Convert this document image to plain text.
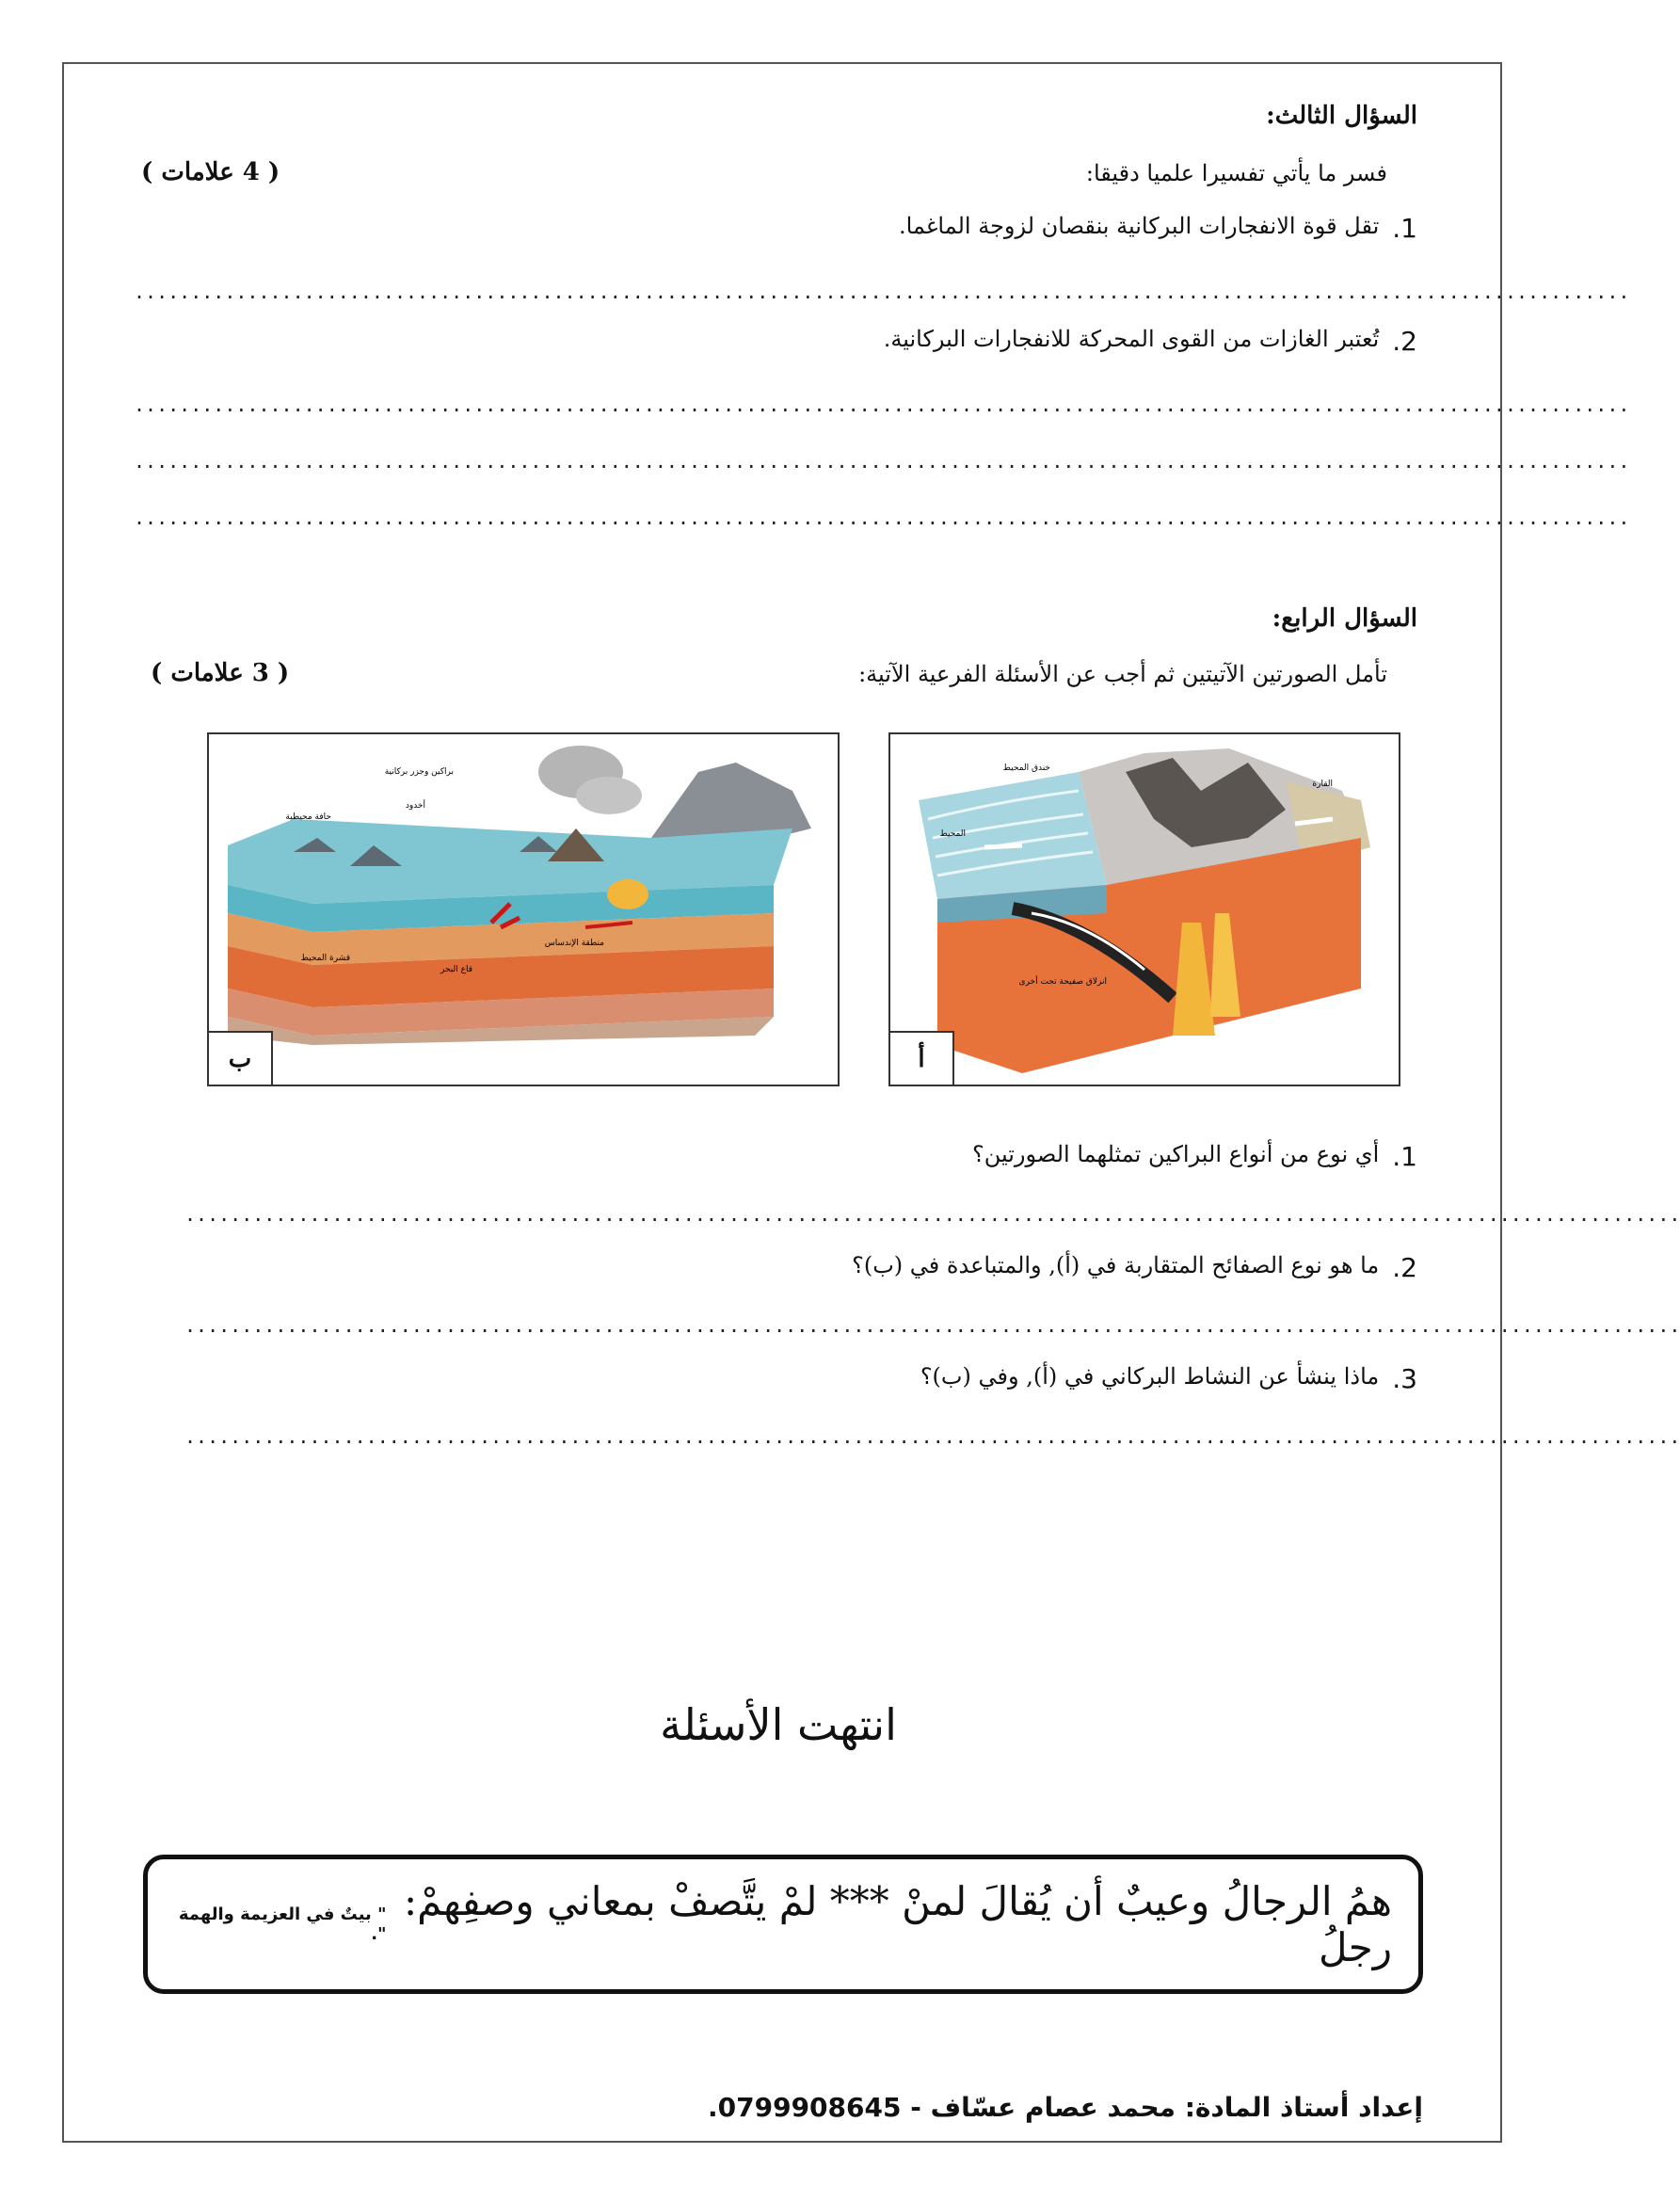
السؤال الثالث:
فسر ما يأتي تفسيرا علميا دقيقا:
( 4 علامات )
1.
تقل قوة الانفجارات البركانية بنقصان لزوجة الماغما.
....................................................................................................................................
2.
تُعتبر الغازات من القوى المحركة للانفجارات البركانية.
....................................................................................................................................
....................................................................................................................................
....................................................................................................................................
السؤال الرابع:
تأمل الصورتين الآتيتين ثم أجب عن الأسئلة الفرعية الآتية:
( 3 علامات )
براكين وجزر بركانية
أخدود
حافة محيطية
قشرة المحيط
قاع البحر
منطقة الإندساس
ب
خندق المحيط
القارة
المحيط
انزلاق صفيحة تحت أخرى
أ
1.
أي نوع من أنواع البراكين تمثلهما الصورتين؟
....................................................................................................................................
2.
ما هو نوع الصفائح المتقاربة في (أ), والمتباعدة في (ب)؟
....................................................................................................................................
3.
ماذا ينشأ عن النشاط البركاني في (أ), وفي (ب)؟
....................................................................................................................................
انتهت الأسئلة
همُ الرجالُ وعيبٌ أن يُقالَ لمنْ *** لمْ يتَّصفْ بمعاني وصفِهمْ: رجلُ
" بيتٌ في العزيمة والهمة ".
إعداد أستاذ المادة: محمد عصام عسّاف - 0799908645.
